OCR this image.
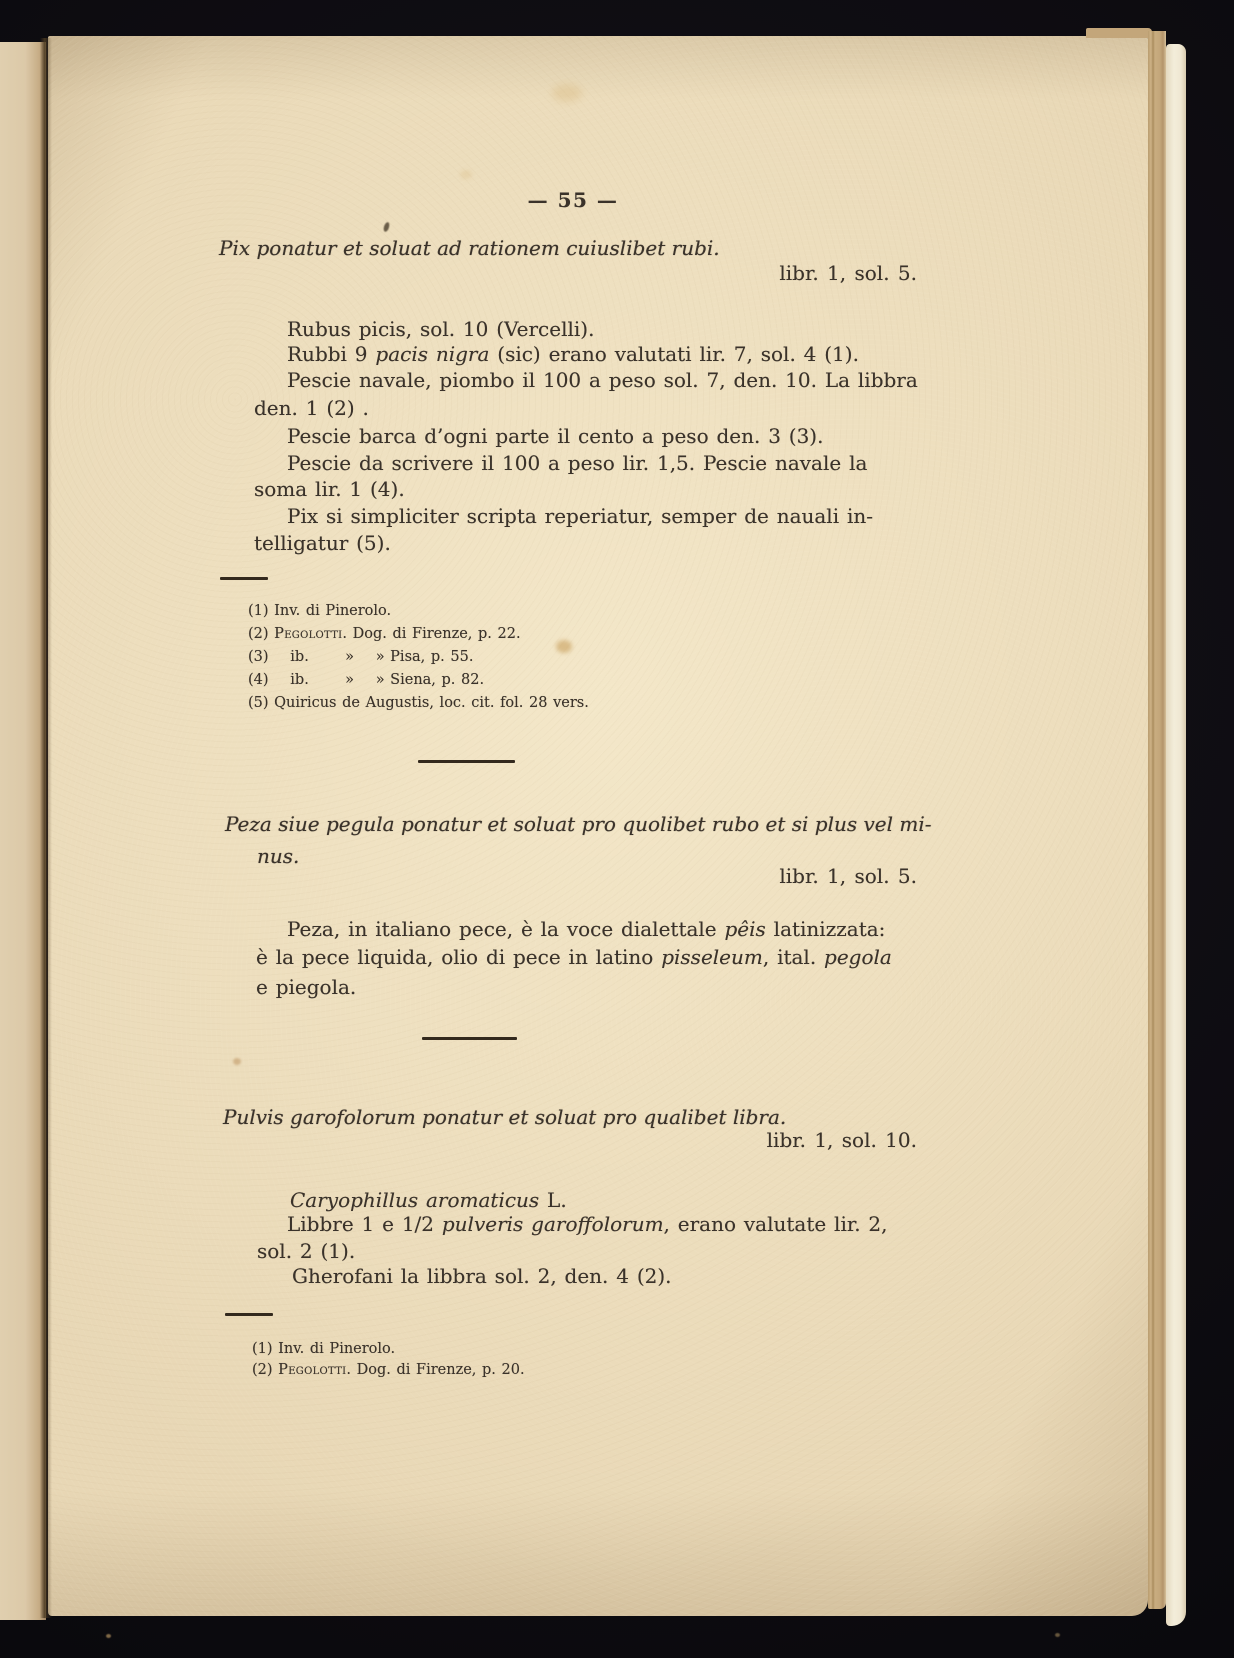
— 55 —
Pix ponatur et soluat ad rationem cuiuslibet rubi.
libr. 1, sol. 5.
Rubus picis, sol. 10 (Vercelli).
Rubbi 9 pacis nigra (sic) erano valutati lir. 7, sol. 4 (1).
Pescie navale, piombo il 100 a peso sol. 7, den. 10. La libbra
den. 1 (2) .
Pescie barca d’ogni parte il cento a peso den. 3 (3).
Pescie da scrivere il 100 a peso lir. 1,5. Pescie navale la
soma lir. 1 (4).
Pix si simpliciter scripta reperiatur, semper de nauali in-
telligatur (5).
(1) Inv. di Pinerolo.
(2) Pegolotti. Dog. di Firenze, p. 22.
(3)  ib.   »  » Pisa, p. 55.
(4)  ib.   »  » Siena, p. 82.
(5) Quiricus de Augustis, loc. cit. fol. 28 vers.
Peza siue pegula ponatur et soluat pro quolibet rubo et si plus vel mi-
nus.
libr. 1, sol. 5.
Peza, in italiano pece, è la voce dialettale pêis latinizzata:
è la pece liquida, olio di pece in latino pisseleum, ital. pegola
e piegola.
Pulvis garofolorum ponatur et soluat pro qualibet libra.
libr. 1, sol. 10.
Caryophillus aromaticus L.
Libbre 1 e 1/2 pulveris garoffolorum, erano valutate lir. 2,
sol. 2 (1).
Gherofani la libbra sol. 2, den. 4 (2).
(1) Inv. di Pinerolo.
(2) Pegolotti. Dog. di Firenze, p. 20.
